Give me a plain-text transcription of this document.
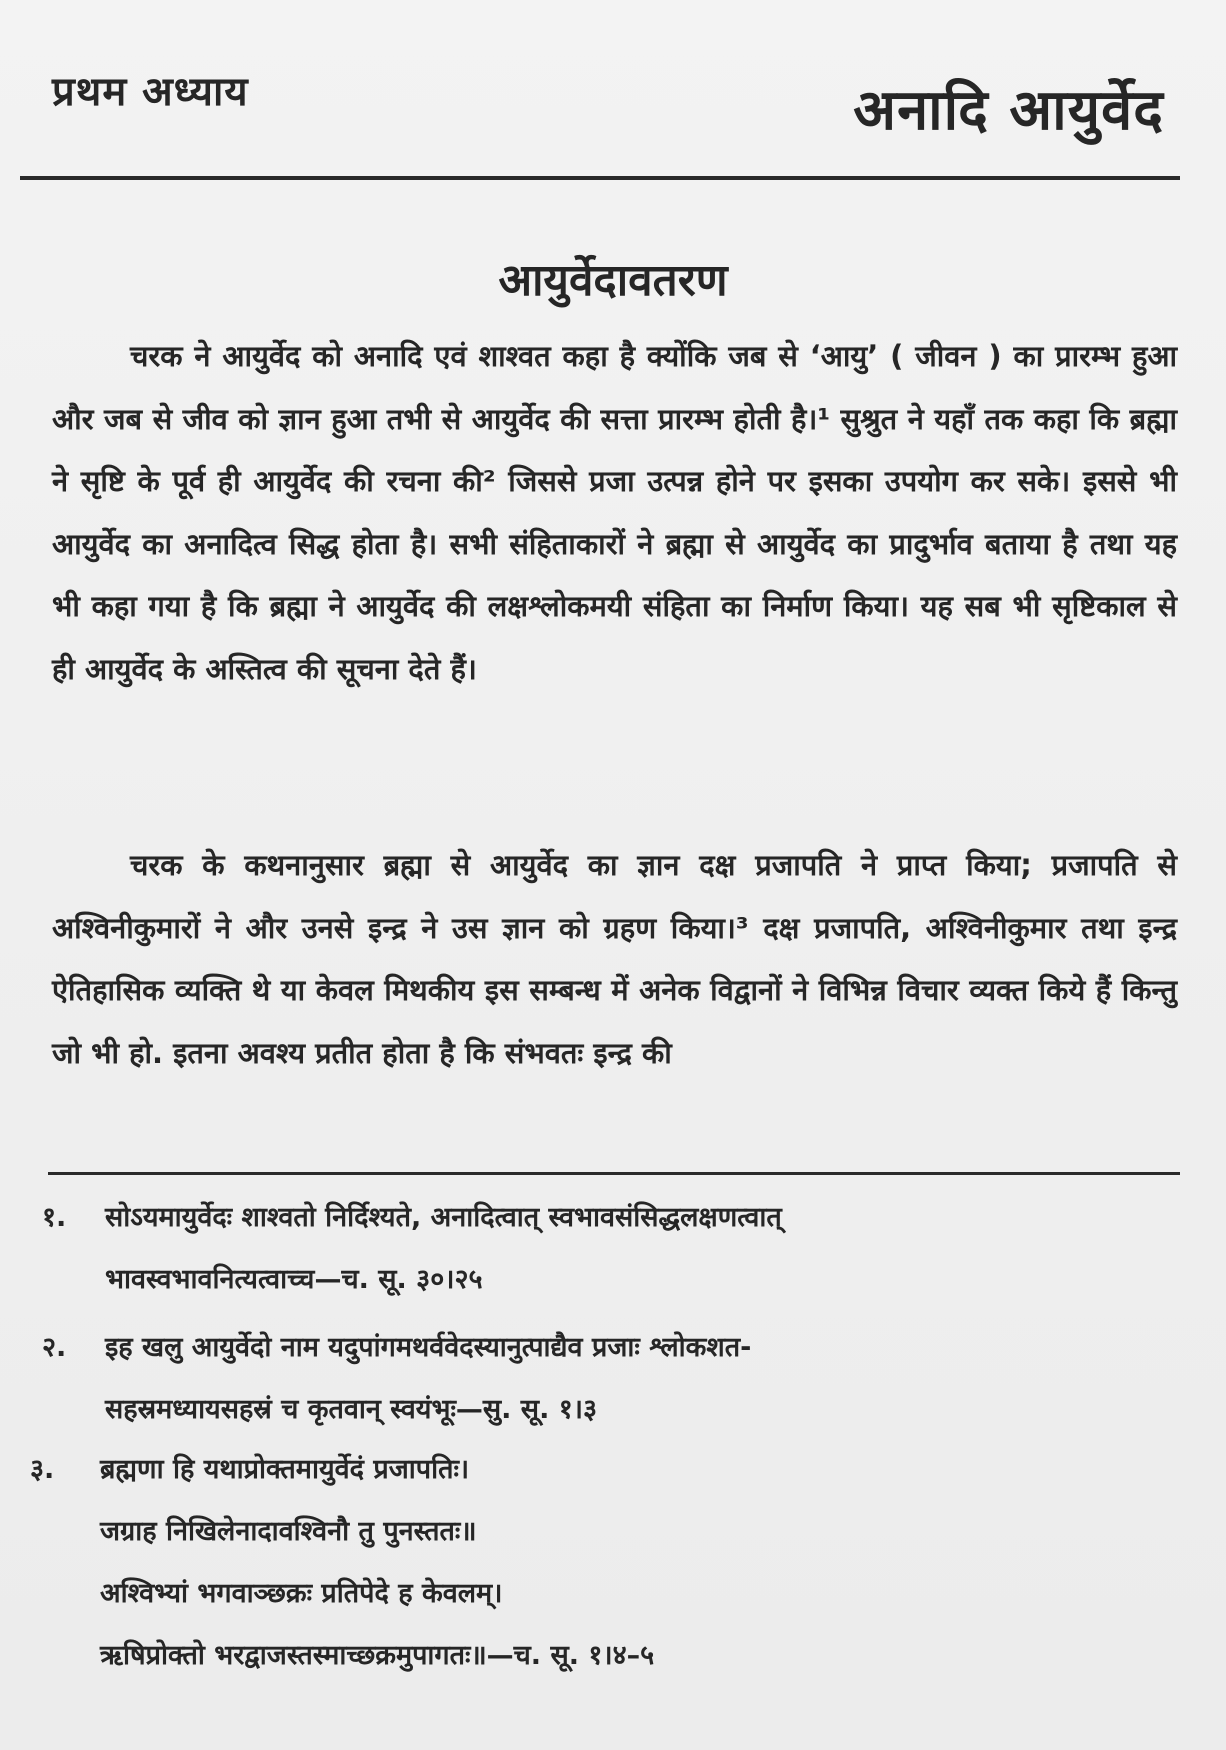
प्रथम अध्याय	अनादि आयुर्वेद
आयुर्वेदावतरण

चरक ने आयुर्वेद को अनादि एवं शाश्वत कहा है क्योंकि जब से ‘आयु’ ( जीवन ) का प्रारम्भ हुआ और जब से जीव को ज्ञान हुआ तभी से आयुर्वेद की सत्ता प्रारम्भ होती है।¹ सुश्रुत ने यहाँ तक कहा कि ब्रह्मा ने सृष्टि के पूर्व ही आयुर्वेद की रचना की² जिससे प्रजा उत्पन्न होने पर इसका उपयोग कर सके। इससे भी आयुर्वेद का अनादित्व सिद्ध होता है। सभी संहिताकारों ने ब्रह्मा से आयुर्वेद का प्रादुर्भाव बताया है तथा यह भी कहा गया है कि ब्रह्मा ने आयुर्वेद की लक्षश्लोकमयी संहिता का निर्माण किया। यह सब भी सृष्टिकाल से ही आयुर्वेद के अस्तित्व की सूचना देते हैं।

चरक के कथनानुसार ब्रह्मा से आयुर्वेद का ज्ञान दक्ष प्रजापति ने प्राप्त किया; प्रजापति से अश्विनीकुमारों ने और उनसे इन्द्र ने उस ज्ञान को ग्रहण किया।³ दक्ष प्रजापति, अश्विनीकुमार तथा इन्द्र ऐतिहासिक व्यक्ति थे या केवल मिथकीय इस सम्बन्ध में अनेक विद्वानों ने विभिन्न विचार व्यक्त किये हैं किन्तु जो भी हो. इतना अवश्य प्रतीत होता है कि संभवतः इन्द्र की

१. सोऽयमायुर्वेदः शाश्वतो निर्दिश्यते, अनादित्वात् स्वभावसंसिद्धलक्षणत्वात्
भावस्वभावनित्यत्वाच्च—च. सू. ३०।२५
२. इह खलु आयुर्वेदो नाम यदुपांगमथर्ववेदस्यानुत्पाद्यैव प्रजाः श्लोकशत-
सहस्रमध्यायसहस्रं च कृतवान् स्वयंभूः—सु. सू. १।३
३. ब्रह्मणा हि यथाप्रोक्तमायुर्वेदं प्रजापतिः।
जग्राह निखिलेनादावश्विनौ तु पुनस्ततः॥
अश्विभ्यां भगवाञ्छक्रः प्रतिपेदे ह केवलम्।
ऋषिप्रोक्तो भरद्वाजस्तस्माच्छक्रमुपागतः॥—च. सू. १।४–५
